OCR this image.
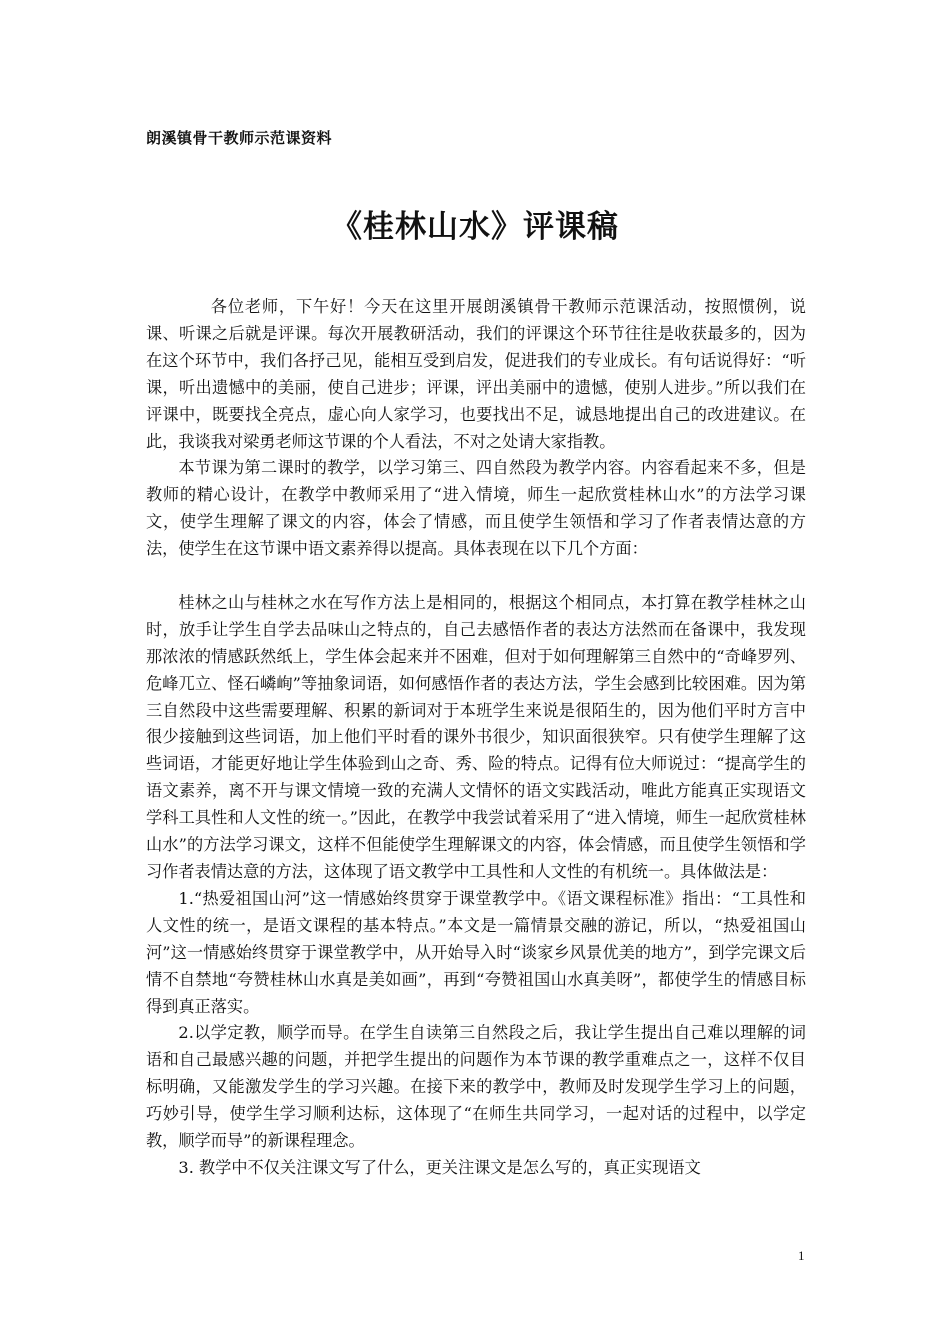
朗溪镇骨干教师示范课资料
《桂林山水》评课稿

各位老师，下午好！今天在这里开展朗溪镇骨干教师示范课活动，按照惯例，说课、听课之后就是评课。每次开展教研活动，我们的评课这个环节往往是收获最多的，因为在这个环节中，我们各抒己见，能相互受到启发，促进我们的专业成长。有句话说得好：“听课，听出遗憾中的美丽，使自己进步；评课，评出美丽中的遗憾，使别人进步。”所以我们在评课中，既要找全亮点，虚心向人家学习，也要找出不足，诚恳地提出自己的改进建议。在此，我谈我对梁勇老师这节课的个人看法，不对之处请大家指教。

本节课为第二课时的教学，以学习第三、四自然段为教学内容。内容看起来不多，但是教师的精心设计，在教学中教师采用了“进入情境，师生一起欣赏桂林山水”的方法学习课文，使学生理解了课文的内容，体会了情感，而且使学生领悟和学习了作者表情达意的方法，使学生在这节课中语文素养得以提高。具体表现在以下几个方面：

桂林之山与桂林之水在写作方法上是相同的，根据这个相同点，本打算在教学桂林之山时，放手让学生自学去品味山之特点的，自己去感悟作者的表达方法然而在备课中，我发现那浓浓的情感跃然纸上，学生体会起来并不困难，但对于如何理解第三自然中的“奇峰罗列、危峰兀立、怪石嶙峋”等抽象词语，如何感悟作者的表达方法，学生会感到比较困难。因为第三自然段中这些需要理解、积累的新词对于本班学生来说是很陌生的，因为他们平时方言中很少接触到这些词语，加上他们平时看的课外书很少，知识面很狭窄。只有使学生理解了这些词语，才能更好地让学生体验到山之奇、秀、险的特点。记得有位大师说过：“提高学生的语文素养，离不开与课文情境一致的充满人文情怀的语文实践活动，唯此方能真正实现语文学科工具性和人文性的统一。”因此，在教学中我尝试着采用了“进入情境，师生一起欣赏桂林山水”的方法学习课文，这样不但能使学生理解课文的内容，体会情感，而且使学生领悟和学习作者表情达意的方法，这体现了语文教学中工具性和人文性的有机统一。具体做法是：

1.“热爱祖国山河”这一情感始终贯穿于课堂教学中。《语文课程标准》指出：“工具性和人文性的统一，是语文课程的基本特点。”本文是一篇情景交融的游记，所以，“热爱祖国山河”这一情感始终贯穿于课堂教学中，从开始导入时“谈家乡风景优美的地方”，到学完课文后情不自禁地“夸赞桂林山水真是美如画”，再到“夸赞祖国山水真美呀”，都使学生的情感目标得到真正落实。

2.以学定教，顺学而导。在学生自读第三自然段之后，我让学生提出自己难以理解的词语和自己最感兴趣的问题，并把学生提出的问题作为本节课的教学重难点之一，这样不仅目标明确，又能激发学生的学习兴趣。在接下来的教学中，教师及时发现学生学习上的问题，巧妙引导，使学生学习顺利达标，这体现了“在师生共同学习，一起对话的过程中，以学定教，顺学而导”的新课程理念。

3. 教学中不仅关注课文写了什么，更关注课文是怎么写的，真正实现语文

1
